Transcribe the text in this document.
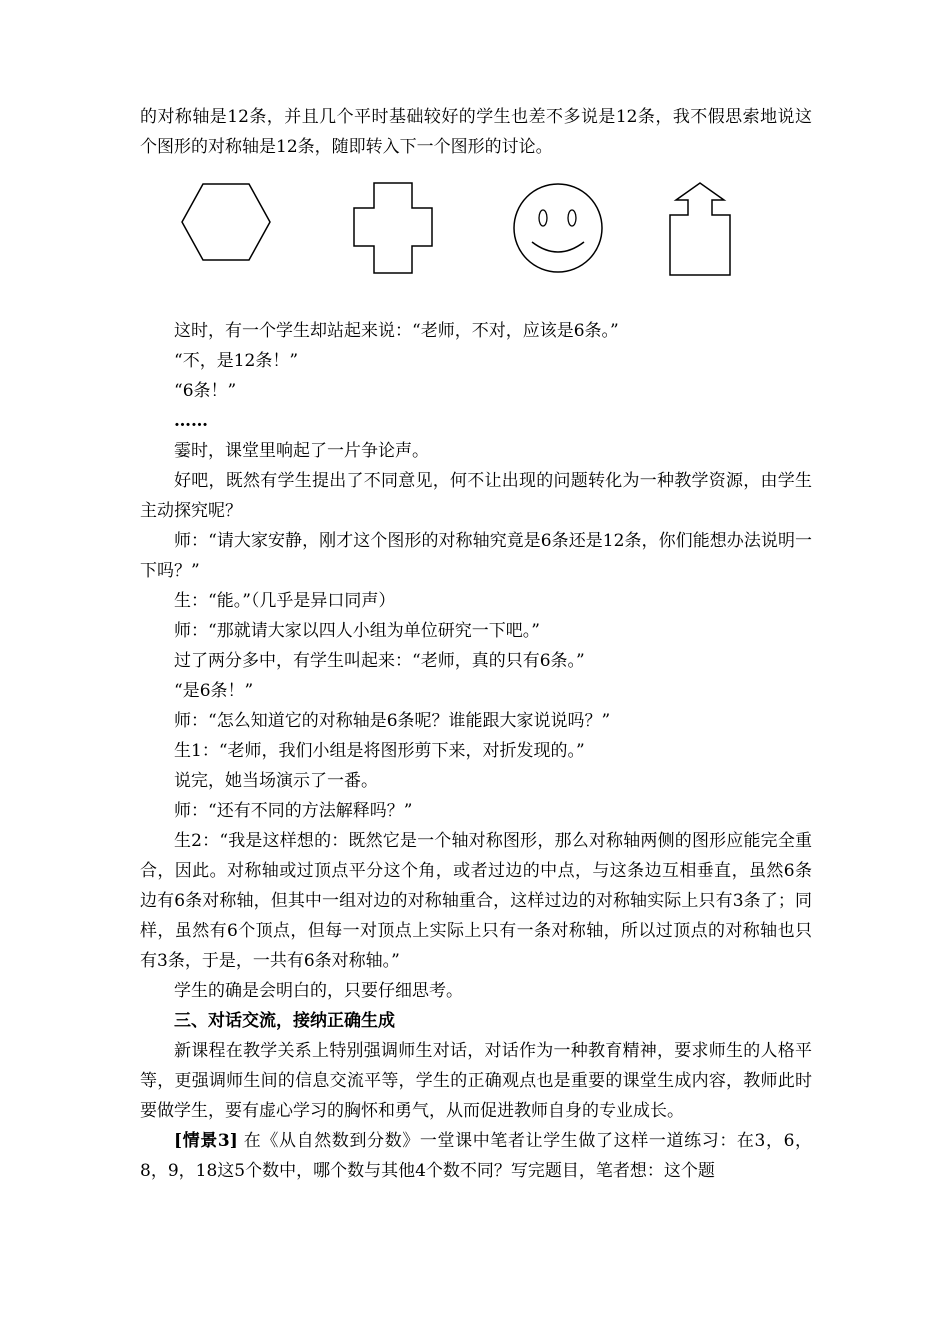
的对称轴是12条，并且几个平时基础较好的学生也差不多说是12条，我不假思索地说这个图形的对称轴是12条，随即转入下一个图形的讨论。

这时，有一个学生却站起来说：“老师，不对，应该是6条。”

“不，是12条！”

“6条！”

……

霎时，课堂里响起了一片争论声。

好吧，既然有学生提出了不同意见，何不让出现的问题转化为一种教学资源，由学生主动探究呢？

师：“请大家安静，刚才这个图形的对称轴究竟是6条还是12条，你们能想办法说明一下吗？”

生：“能。”（几乎是异口同声）

师：“那就请大家以四人小组为单位研究一下吧。”

过了两分多中，有学生叫起来：“老师，真的只有6条。”

“是6条！”

师：“怎么知道它的对称轴是6条呢？谁能跟大家说说吗？”

生1：“老师，我们小组是将图形剪下来，对折发现的。”

说完，她当场演示了一番。

师：“还有不同的方法解释吗？”

生2：“我是这样想的：既然它是一个轴对称图形，那么对称轴两侧的图形应能完全重合，因此。对称轴或过顶点平分这个角，或者过边的中点，与这条边互相垂直，虽然6条边有6条对称轴，但其中一组对边的对称轴重合，这样过边的对称轴实际上只有3条了；同样，虽然有6个顶点，但每一对顶点上实际上只有一条对称轴，所以过顶点的对称轴也只有3条，于是，一共有6条对称轴。”

学生的确是会明白的，只要仔细思考。

三、对话交流，接纳正确生成

新课程在教学关系上特别强调师生对话，对话作为一种教育精神，要求师生的人格平等，更强调师生间的信息交流平等，学生的正确观点也是重要的课堂生成内容，教师此时要做学生，要有虚心学习的胸怀和勇气，从而促进教师自身的专业成长。

[情景3] 在《从自然数到分数》一堂课中笔者让学生做了这样一道练习：在3，6，8，9，18这5个数中，哪个数与其他4个数不同？写完题目，笔者想：这个题
